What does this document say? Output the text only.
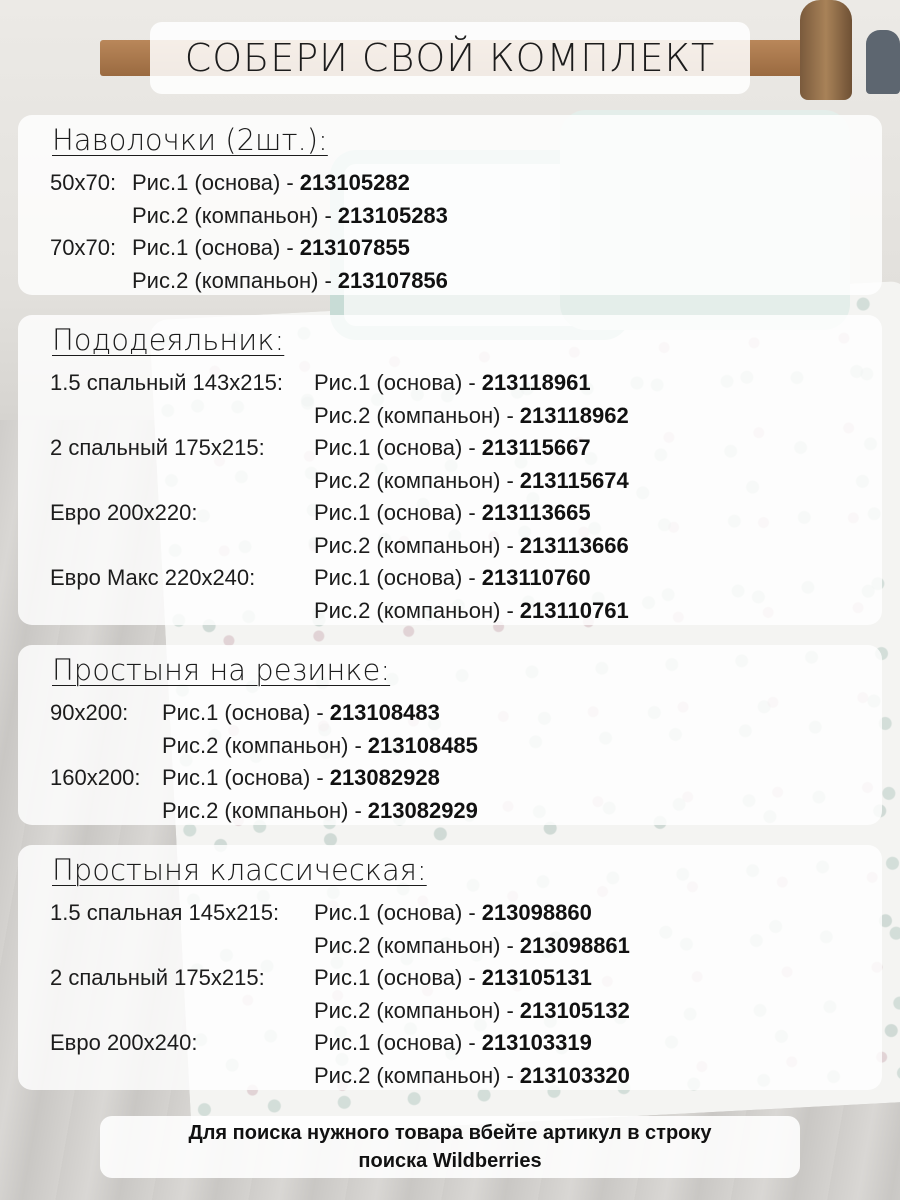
СОБЕРИ СВОЙ КОМПЛЕКТ
Наволочки (2шт.):
50x70: Рис.1 (основа) - 213105282
Рис.2 (компаньон) - 213105283
70x70: Рис.1 (основа) - 213107855
Рис.2 (компаньон) - 213107856
Пододеяльник:
1.5 спальный 143x215:	Рис.1 (основа) - 213118961
Рис.2 (компаньон) - 213118962
2 спальный 175x215:	Рис.1 (основа) - 213115667
Рис.2 (компаньон) - 213115674
Евро 200x220:	Рис.1 (основа) - 213113665
Рис.2 (компаньон) - 213113666
Евро Макс 220x240:	Рис.1 (основа) - 213110760
Рис.2 (компаньон) - 213110761
Простыня на резинке:
90x200:	Рис.1 (основа) - 213108483
Рис.2 (компаньон) - 213108485
160x200: Рис.1 (основа) - 213082928
Рис.2 (компаньон) - 213082929
Простыня классическая:
1.5 спальная 145x215:	Рис.1 (основа) - 213098860
Рис.2 (компаньон) - 213098861
2 спальный 175x215:	Рис.1 (основа) - 213105131
Рис.2 (компаньон) - 213105132
Евро 200x240:	Рис.1 (основа) - 213103319
Рис.2 (компаньон) - 213103320
Для поиска нужного товара вбейте артикул в строку
поиска Wildberries
